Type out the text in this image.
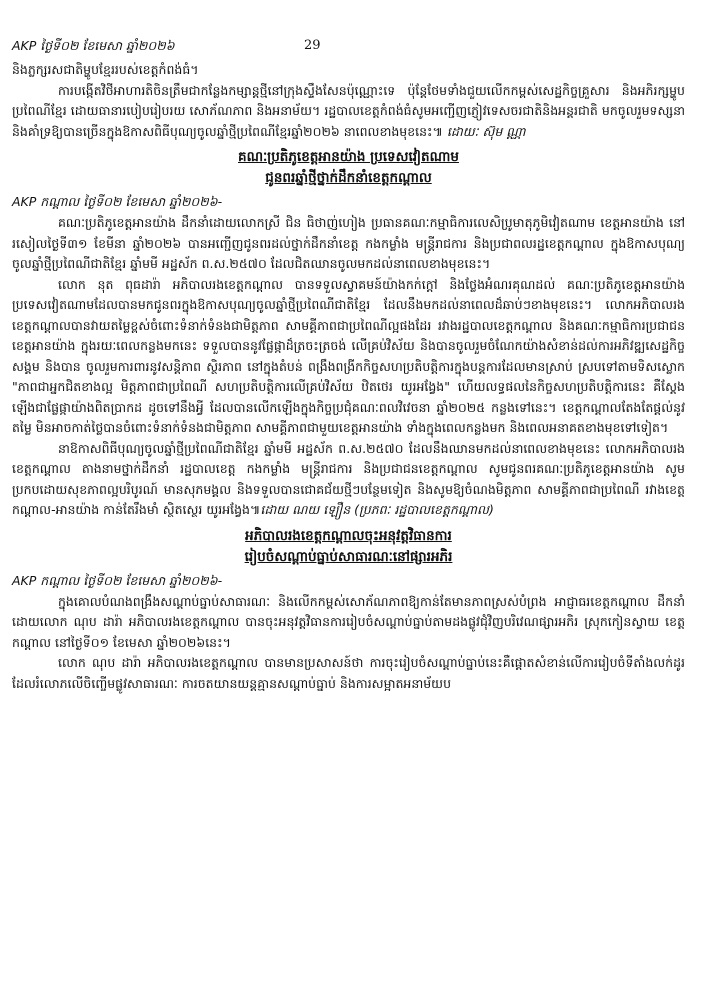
AKP ថ្ងៃទី០២ ខែមេសា ឆ្នាំ២០២៦	29

និងភ្លក្សរសជាតិម្ហូបខ្មែររបស់ខេត្តកំពង់ធំ។

ការបង្កើតវិថីអាហារតិចិនត្រឹមជាកន្លែងកម្សាន្តថ្មីនៅក្រុងស្ទឹងសែនប៉ុណ្ណោះទេ ប៉ុន្តែថែមទាំងជួយលើកកម្ពស់សេដ្ឋកិច្ចគ្រួសារ និងអភិរក្សម្ហូបប្រពៃណីខ្មែរ ដោយធានារបៀបរៀបរយ សោភ័ណភាព និងអនាម័យ។ រដ្ឋបាលខេត្តកំពង់ធំសូមអញ្ជើញភ្ញៀវទេសចរជាតិនិងអន្តរជាតិ មកចូលរួមទស្សនា និងគាំទ្រឱ្យបានច្រើនក្នុងឱកាសពិធីបុណ្យចូលឆ្នាំថ្មីប្រពៃណីខ្មែរឆ្នាំ២០២៦ នាពេលខាងមុខនេះ៕ ដោយៈ ស៊ុម ណ្ណា

គណៈប្រតិភូខេត្តអានយ៉ាង ប្រទេសវៀតណាម
ជូនពរឆ្នាំថ្មីថ្នាក់ដឹកនាំខេត្តកណ្តាល
AKP កណ្តាល ថ្ងៃទី០២ ខែមេសា ឆ្នាំ២០២៦-

គណៈប្រតិភូខេត្តអានយ៉ាង ដឹកនាំដោយលោកស្រី ជិន ធិថាញ់ហៀង ប្រធានគណៈកម្មាធិការលេសិប្រូមាតុភូមិវៀតណាម ខេត្តអានយ៉ាង នៅរសៀលថ្ងៃទី៣១ ខែមីនា ឆ្នាំ២០២៦ បានអញ្ជើញជូនពរដល់ថ្នាក់ដឹកនាំខេត្ត កងកម្លាំង មន្ត្រីរាជការ និងប្រជាពលរដ្ឋខេត្តកណ្តាល ក្នុងឱកាសបុណ្យចូលឆ្នាំថ្មីប្រពៃណីជាតិខ្មែរ ឆ្នាំមមី អដ្ឋស័ក ព.ស.២៥៧០ ដែលជិតឈានចូលមកដល់នាពេលខាងមុខនេះ។

លោក នុត ពុធដារ៉ា អភិបាលរងខេត្តកណ្តាល បានទទួលស្វាគមន៍យ៉ាងកក់ក្តៅ និងថ្លែងអំណរគុណដល់ គណៈប្រតិភូខេត្តអានយ៉ាង ប្រទេសវៀតណាមដែលបានមកជូនពរក្នុងឱកាសបុណ្យចូលឆ្នាំថ្មីប្រពៃណីជាតិខ្មែរ ដែលនឹងមកដល់នាពេលដ៏ឆាប់ៗខាងមុខនេះ។ លោកអភិបាលរងខេត្តកណ្តាលបានវាយតម្លៃខ្ពស់ចំពោះទំនាក់ទំនងជាមិត្តភាព សាមគ្គីភាពជាប្រពៃណីល្អផងដែរ រវាងរដ្ឋបាលខេត្តកណ្តាល និងគណៈកម្មាធិការប្រជាជនខេត្តអានយ៉ាង ក្នុងរយៈពេលកន្លងមកនេះ ទទួលបាននូវផ្លែផ្កាដ៏ត្រចះត្រចង់ លើគ្រប់វិស័យ និងបានចូលរួមចំណែកយ៉ាងសំខាន់ដល់ការអភិវឌ្ឍសេដ្ឋកិច្ច សង្គម និងបាន ចូលរួមការពារនូវសន្តិភាព ស្ថិរភាព នៅក្នុងតំបន់ ពង្រឹងពង្រីកកិច្ចសហប្រតិបត្តិការក្នុងបន្តការដែលមានស្រាប់ ស្របទៅតាមទិសស្លោក "ភាពជាអ្នកជិតខាងល្អ មិត្តភាពជាប្រពៃណី សហប្រតិបត្តិការលើគ្រប់វិស័យ ឋិតថេរ យូរអង្វែង" ហើយលទ្ធផលនៃកិច្ចសហប្រតិបត្តិការនេះ គឺស្តែងឡើងជាផ្លែផ្កាយ៉ាងពិតប្រាកដ ដូចទៅនឹងអ្វី ដែលបានលើកឡើងក្នុងកិច្ចប្រជុំគណៈពលវិវេចនា ឆ្នាំ២០២៥ កន្លងទៅនេះ។ ខេត្តកណ្តាលតែងតែផ្តល់នូវតម្លៃ មិនអាចកាត់ថ្លៃបានចំពោះទំនាក់ទំនងជាមិត្តភាព សាមគ្គីភាពជាមួយខេត្តអានយ៉ាង ទាំងក្នុងពេលកន្លងមក និងពេលអនាគតខាងមុខទៅទៀត។

នាឱកាសពិធីបុណ្យចូលឆ្នាំថ្មីប្រពៃណីជាតិខ្មែរ ឆ្នាំមមី អដ្ឋស័ក ព.ស.២៥៧០ ដែលនឹងឈានមកដល់នាពេលខាងមុខនេះ លោកអភិបាលរងខេត្តកណ្តាល តាងនាមថ្នាក់ដឹកនាំ រដ្ឋបាលខេត្ត កងកម្លាំង មន្ត្រីរាជការ និងប្រជាជនខេត្តកណ្តាល សូមជូនពរគណៈប្រតិភូខេត្តអានយ៉ាង សូមប្រកបដោយសុខភាពល្អបរិបូរណ៍ មានសុភមង្គល និងទទួលបានជោគជ័យថ្មីៗបន្ថែមទៀត និងសូមឱ្យចំណងមិត្តភាព សាមគ្គីភាពជាប្រពៃណី រវាងខេត្ត កណ្តាល-អានយ៉ាង កាន់តែរឹងមាំ ស្ថិតស្ថេរ យូរអង្វែង៕ដោយ ណយ ឡឿន (ប្រភពៈ រដ្ឋបាលខេត្តកណ្តាល)

អភិបាលរងខេត្តកណ្តាលចុះអនុវត្តវិធានការ
រៀបចំសណ្តាប់ធ្នាប់សាធារណៈនៅផ្សារអភិរ
AKP កណ្តាល ថ្ងៃទី០២ ខែមេសា ឆ្នាំ២០២៦-

ក្នុងគោលបំណងពង្រឹងសណ្តាប់ធ្នាប់សាធារណៈ និងលើកកម្ពស់សោភ័ណភាពឱ្យកាន់តែមានភាពស្រស់បំព្រង អាជ្ញាធរខេត្តកណ្តាល ដឹកនាំដោយលោក ណុប ដារ៉ា អភិបាលរងខេត្តកណ្តាល បានចុះអនុវត្តវិធានការរៀបចំសណ្តាប់ធ្នាប់តាមដងផ្លូវជុំវិញបរិវេណផ្សារអភិរ ស្រុកកៀនស្វាយ ខេត្តកណ្តាល នៅថ្ងៃទី០១ ខែមេសា ឆ្នាំ២០២៦នេះ។

លោក ណុប ដារ៉ា អភិបាលរងខេត្តកណ្តាល បានមានប្រសាសន៍ថា ការចុះរៀបចំសណ្តាប់ធ្នាប់នេះគឺផ្តោតសំខាន់លើការរៀបចំទីតាំងលក់ដូរដែលរំលោភលើចិញ្ចើមផ្លូវសាធារណៈ ការចតយានយន្តគ្មានសណ្តាប់ធ្នាប់ និងការសម្អាតអនាម័យប
